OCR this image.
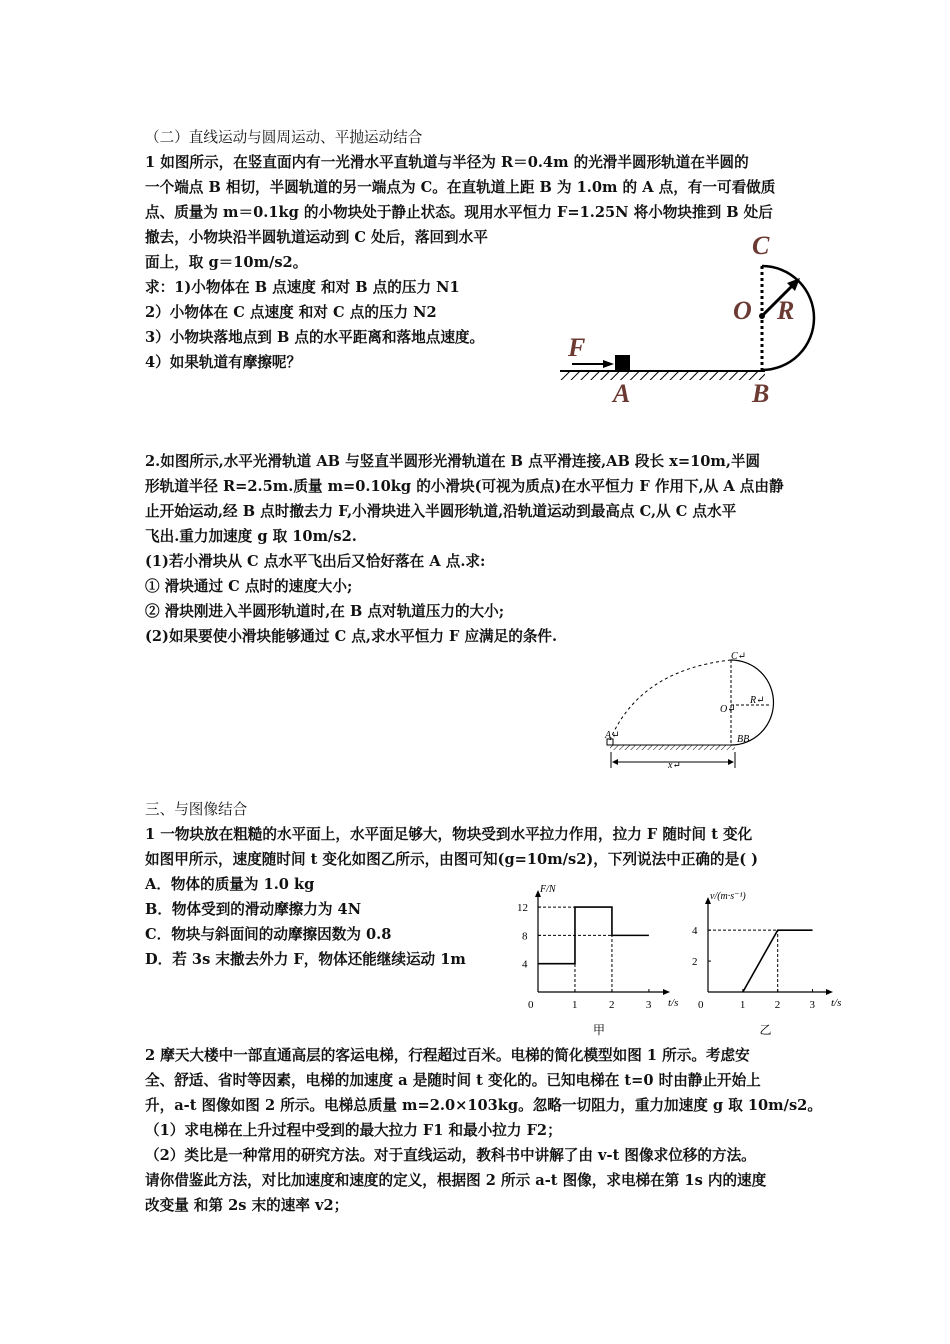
（二）直线运动与圆周运动、平抛运动结合
1 如图所示，在竖直面内有一光滑水平直轨道与半径为 R＝0.4m 的光滑半圆形轨道在半圆的
一个端点 B 相切，半圆轨道的另一端点为 C。在直轨道上距 B 为 1.0m 的 A 点，有一可看做质
点、质量为 m＝0.1kg 的小物块处于静止状态。现用水平恒力 F=1.25N 将小物块推到 B 处后
撤去，小物块沿半圆轨道运动到 C 处后，落回到水平
面上，取 g＝10m/s2。
求：1)小物体在 B 点速度 和对 B 点的压力 N1
2）小物体在 C 点速度 和对 C 点的压力 N2
3）小物块落地点到 B 点的水平距离和落地点速度。
4）如果轨道有摩擦呢？
C
O R
F
A	B
2.如图所示,水平光滑轨道 AB 与竖直半圆形光滑轨道在 B 点平滑连接,AB 段长 x=10m,半圆
形轨道半径 R=2.5m.质量 m=0.10kg 的小滑块(可视为质点)在水平恒力 F 作用下,从 A 点由静
止开始运动,经 B 点时撤去力 F,小滑块进入半圆形轨道,沿轨道运动到最高点 C,从 C 点水平
飞出.重力加速度 g 取 10m/s2.
(1)若小滑块从 C 点水平飞出后又恰好落在 A 点.求:
① 滑块通过 C 点时的速度大小;
② 滑块刚进入半圆形轨道时,在 B 点对轨道压力的大小;
(2)如果要使小滑块能够通过 C 点,求水平恒力 F 应满足的条件.
C↵
O↵
R↵
A↵	BB
x↵
三、与图像结合
1 一物块放在粗糙的水平面上，水平面足够大，物块受到水平拉力作用，拉力 F 随时间 t 变化
如图甲所示，速度随时间 t 变化如图乙所示，由图可知(g=10m/s2)，下列说法中正确的是( )
A．物体的质量为 1.0 kg
B．物体受到的滑动摩擦力为 4N
C．物块与斜面间的动摩擦因数为 0.8
D．若 3s 末撤去外力 F，物体还能继续运动 1m
0	1	2	3
4
8
12
t/s
F/N
甲
0	1	2	3
2
4
t/s
v/(m·s⁻¹)
乙
2 摩天大楼中一部直通高层的客运电梯，行程超过百米。电梯的简化模型如图 1 所示。考虑安
全、舒适、省时等因素，电梯的加速度 a 是随时间 t 变化的。已知电梯在 t=0 时由静止开始上
升，a-t 图像如图 2 所示。电梯总质量 m=2.0×103kg。忽略一切阻力，重力加速度 g 取 10m/s2。
（1）求电梯在上升过程中受到的最大拉力 F1 和最小拉力 F2；
（2）类比是一种常用的研究方法。对于直线运动，教科书中讲解了由 v-t 图像求位移的方法。
请你借鉴此方法，对比加速度和速度的定义，根据图 2 所示 a-t 图像，求电梯在第 1s 内的速度
改变量 和第 2s 末的速率 v2；
